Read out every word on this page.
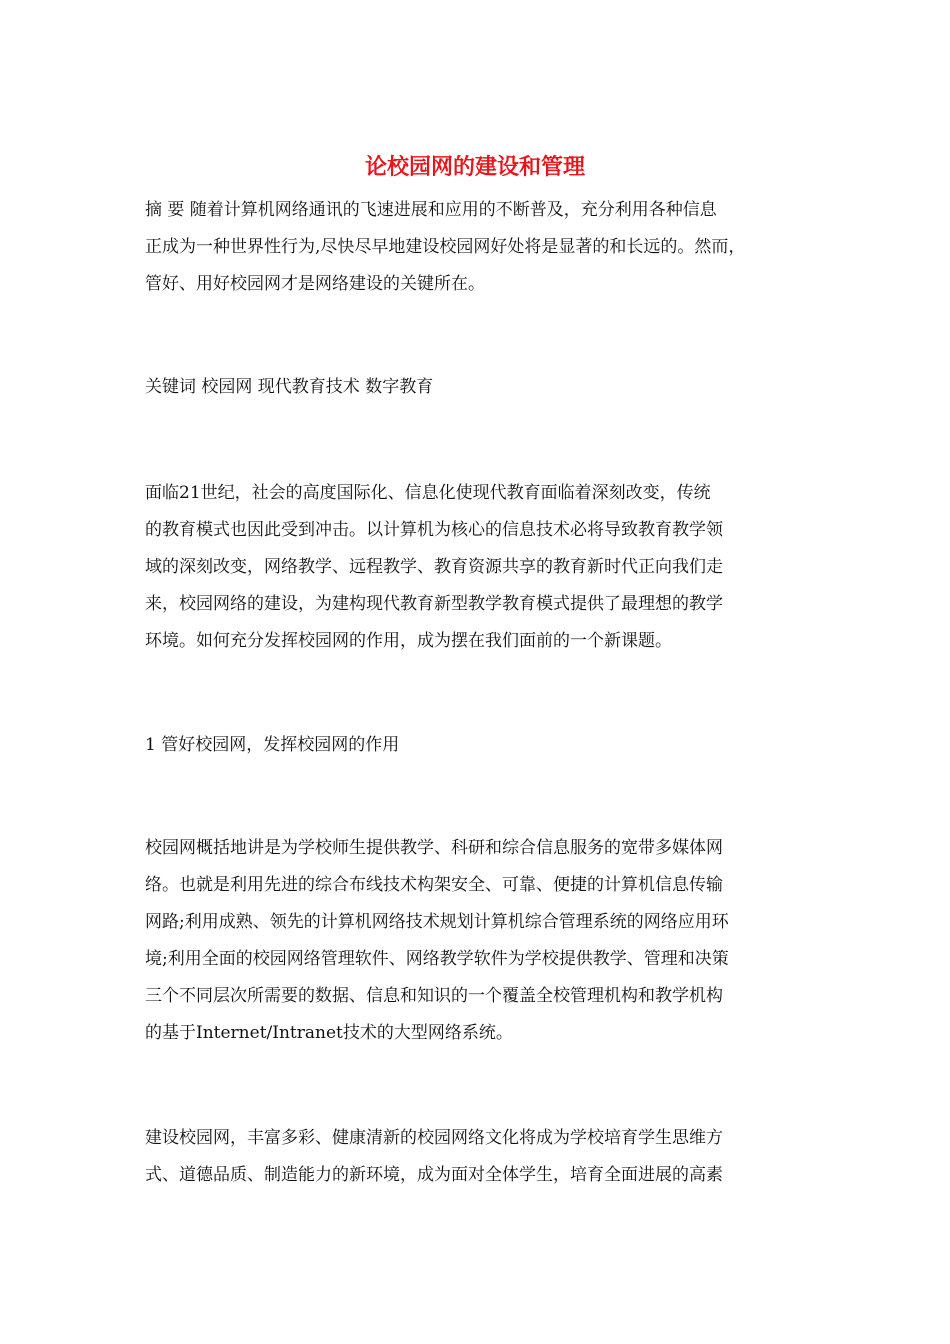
论校园网的建设和管理
摘 要 随着计算机网络通讯的飞速进展和应用的不断普及，充分利用各种信息
正成为一种世界性行为,尽快尽早地建设校园网好处将是显著的和长远的。然而，
管好、用好校园网才是网络建设的关键所在。
关键词 校园网 现代教育技术 数字教育
面临21世纪，社会的高度国际化、信息化使现代教育面临着深刻改变，传统
的教育模式也因此受到冲击。以计算机为核心的信息技术必将导致教育教学领
域的深刻改变，网络教学、远程教学、教育资源共享的教育新时代正向我们走
来，校园网络的建设，为建构现代教育新型教学教育模式提供了最理想的教学
环境。如何充分发挥校园网的作用，成为摆在我们面前的一个新课题。
1 管好校园网，发挥校园网的作用
校园网概括地讲是为学校师生提供教学、科研和综合信息服务的宽带多媒体网
络。也就是利用先进的综合布线技术构架安全、可靠、便捷的计算机信息传输
网路;利用成熟、领先的计算机网络技术规划计算机综合管理系统的网络应用环
境;利用全面的校园网络管理软件、网络教学软件为学校提供教学、管理和决策
三个不同层次所需要的数据、信息和知识的一个覆盖全校管理机构和教学机构
的基于Internet/Intranet技术的大型网络系统。
建设校园网，丰富多彩、健康清新的校园网络文化将成为学校培育学生思维方
式、道德品质、制造能力的新环境，成为面对全体学生，培育全面进展的高素
